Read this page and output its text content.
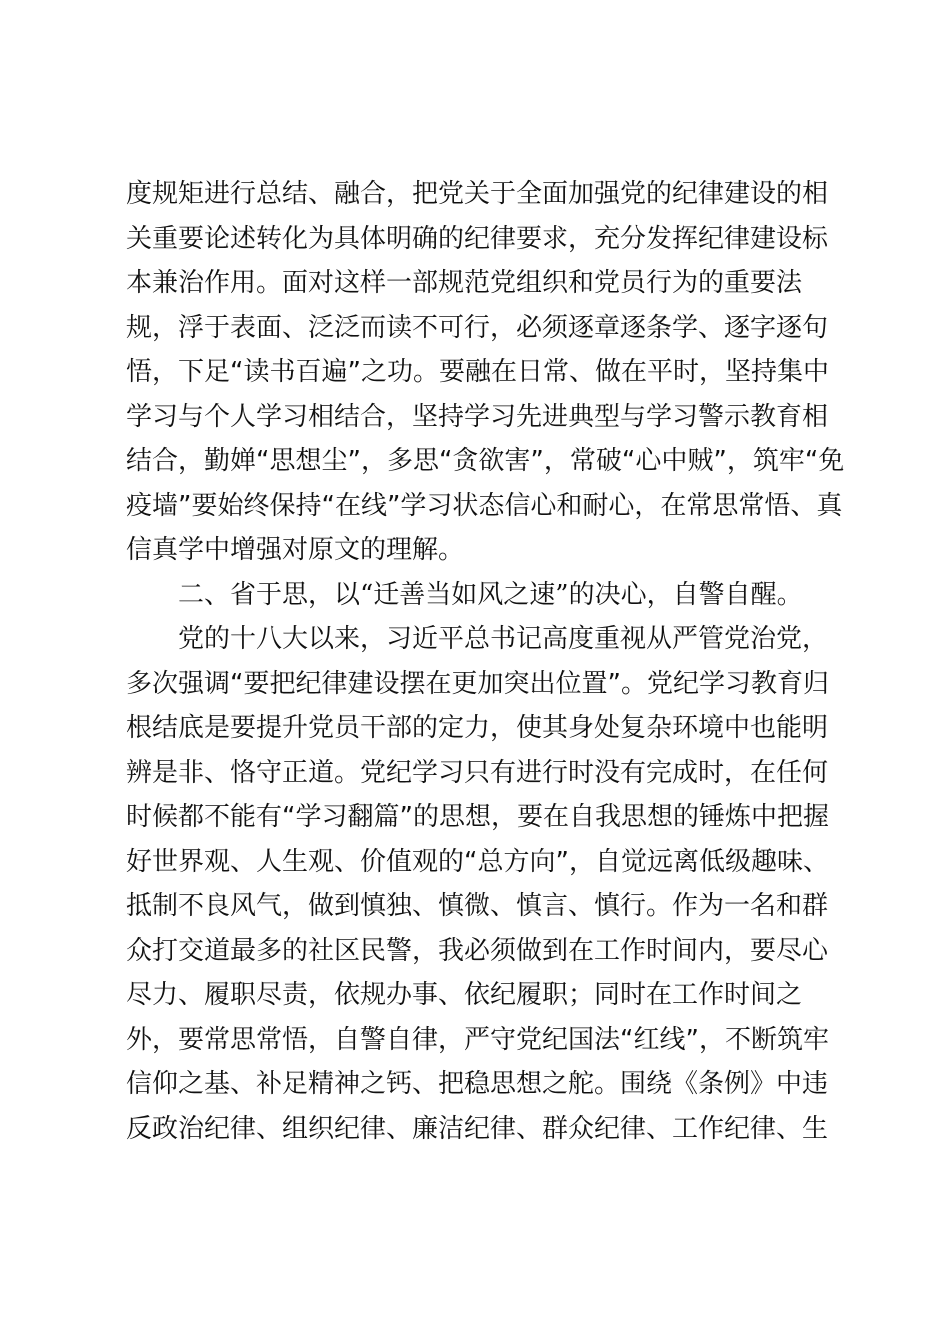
度规矩进行总结、融合，把党关于全面加强党的纪律建设的相
关重要论述转化为具体明确的纪律要求，充分发挥纪律建设标
本兼治作用。面对这样一部规范党组织和党员行为的重要法
规，浮于表面、泛泛而读不可行，必须逐章逐条学、逐字逐句
悟，下足“读书百遍”之功。要融在日常、做在平时，坚持集中
学习与个人学习相结合，坚持学习先进典型与学习警示教育相
结合，勤婵“思想尘”，多思“贪欲害”，常破“心中贼”，筑牢“免
疫墙”要始终保持“在线”学习状态信心和耐心，在常思常悟、真
信真学中增强对原文的理解。
　　二、省于思，以“迁善当如风之速”的决心，自警自醒。
　　党的十八大以来，习近平总书记高度重视从严管党治党，
多次强调“要把纪律建设摆在更加突出位置”。党纪学习教育归
根结底是要提升党员干部的定力，使其身处复杂环境中也能明
辨是非、恪守正道。党纪学习只有进行时没有完成时，在任何
时候都不能有“学习翻篇”的思想，要在自我思想的锤炼中把握
好世界观、人生观、价值观的“总方向”，自觉远离低级趣味、
抵制不良风气，做到慎独、慎微、慎言、慎行。作为一名和群
众打交道最多的社区民警，我必须做到在工作时间内，要尽心
尽力、履职尽责，依规办事、依纪履职；同时在工作时间之
外，要常思常悟，自警自律，严守党纪国法“红线”，不断筑牢
信仰之基、补足精神之钙、把稳思想之舵。围绕《条例》中违
反政治纪律、组织纪律、廉洁纪律、群众纪律、工作纪律、生
